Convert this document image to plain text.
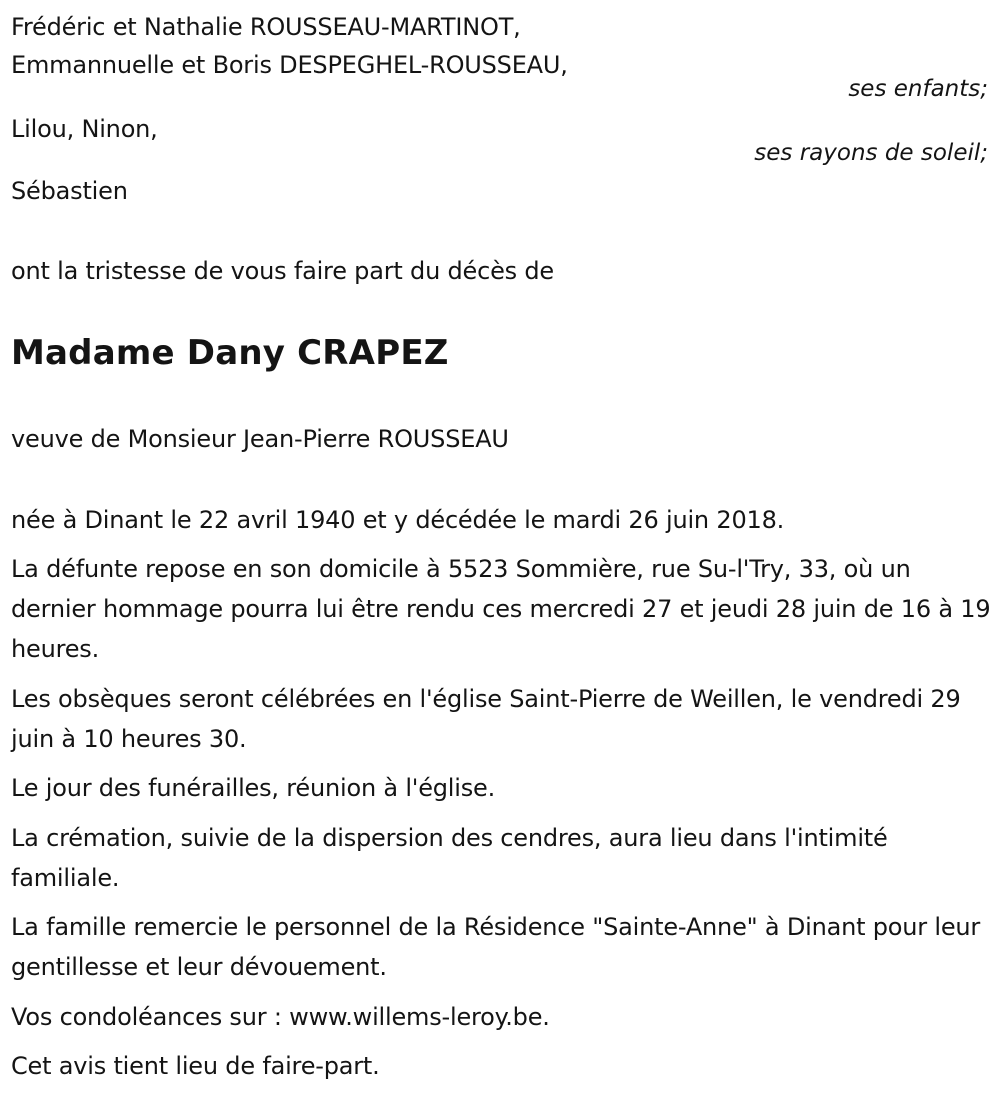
Frédéric et Nathalie ROUSSEAU-MARTINOT,
Emmannuelle et Boris DESPEGHEL-ROUSSEAU,
ses enfants;
Lilou, Ninon,
ses rayons de soleil;
Sébastien
ont la tristesse de vous faire part du décès de
Madame Dany CRAPEZ
veuve de Monsieur Jean-Pierre ROUSSEAU
née à Dinant le 22 avril 1940 et y décédée le mardi 26 juin 2018.
La défunte repose en son domicile à 5523 Sommière, rue Su-l'Try, 33, où un dernier hommage pourra lui être rendu ces mercredi 27 et jeudi 28 juin de 16 à 19 heures.
Les obsèques seront célébrées en l'église Saint-Pierre de Weillen, le vendredi 29 juin à 10 heures 30.
Le jour des funérailles, réunion à l'église.
La crémation, suivie de la dispersion des cendres, aura lieu dans l'intimité familiale.
La famille remercie le personnel de la Résidence "Sainte-Anne" à Dinant pour leur gentillesse et leur dévouement.
Vos condoléances sur : www.willems-leroy.be.
Cet avis tient lieu de faire-part.
